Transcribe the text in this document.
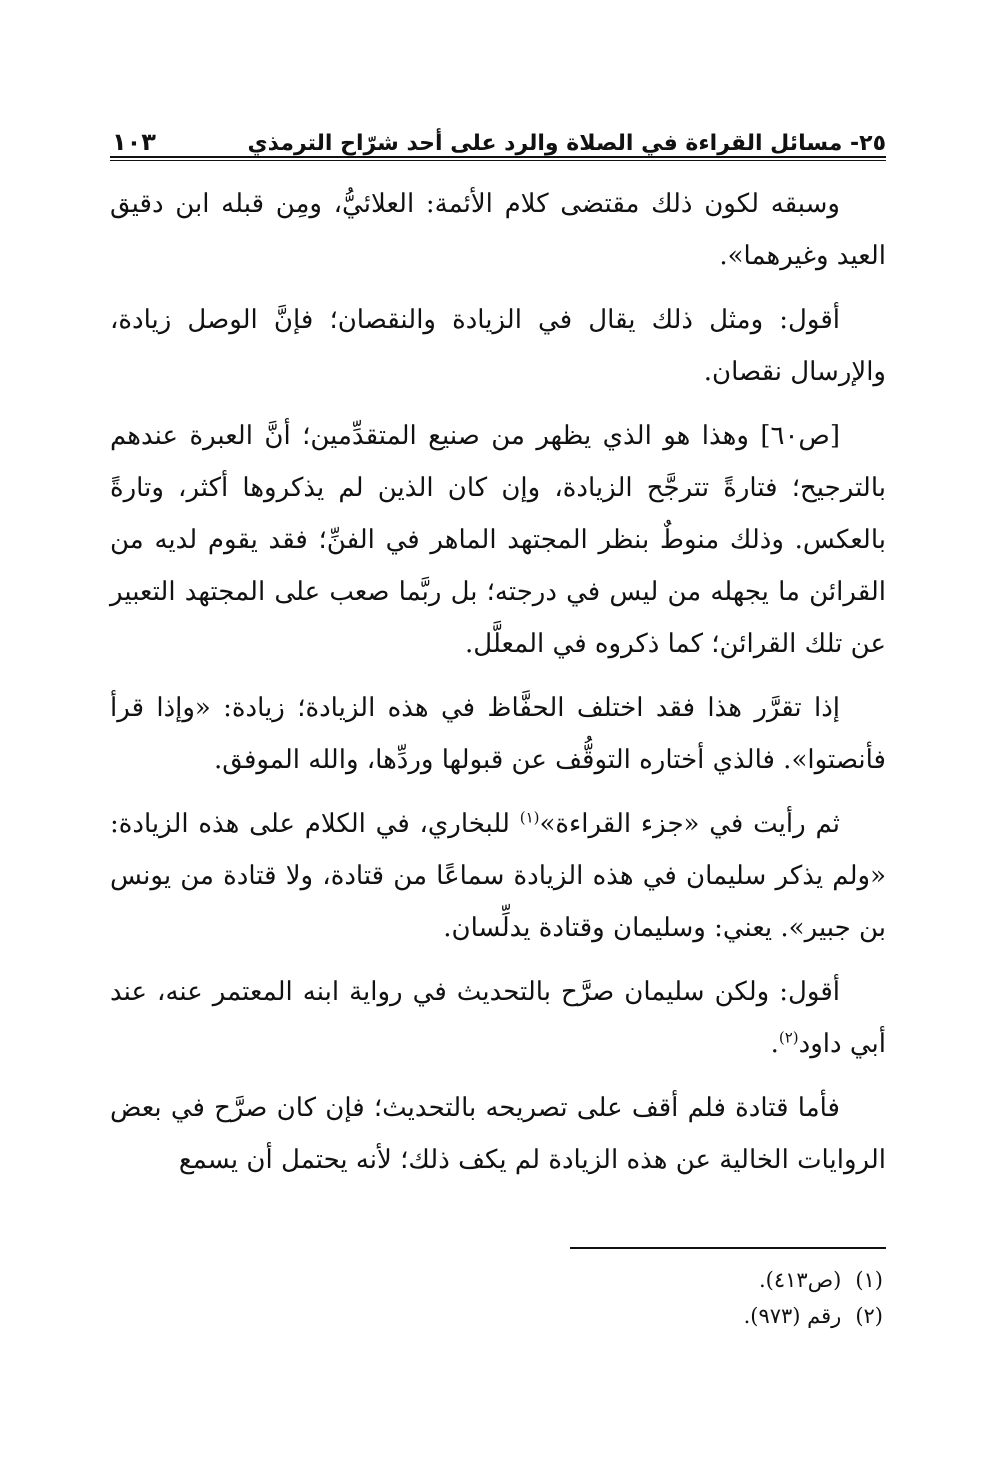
٢٥- مسائل القراءة في الصلاة والرد على أحد شرّاح الترمذي
١٠٣

وسبقه لكون ذلك مقتضى كلام الأئمة: العلائيُّ، ومِن قبله ابن دقيق العيد وغيرهما».

أقول: ومثل ذلك يقال في الزيادة والنقصان؛ فإنَّ الوصل زيادة، والإرسال نقصان.

[ص٦٠] وهذا هو الذي يظهر من صنيع المتقدِّمين؛ أنَّ العبرة عندهم بالترجيح؛ فتارةً تترجَّح الزيادة، وإن كان الذين لم يذكروها أكثر، وتارةً بالعكس. وذلك منوطٌ بنظر المجتهد الماهر في الفنِّ؛ فقد يقوم لديه من القرائن ما يجهله من ليس في درجته؛ بل ربَّما صعب على المجتهد التعبير عن تلك القرائن؛ كما ذكروه في المعلَّل.

إذا تقرَّر هذا فقد اختلف الحفَّاظ في هذه الزيادة؛ زيادة: «وإذا قرأ فأنصتوا». فالذي أختاره التوقُّف عن قبولها وردِّها، والله الموفق.

ثم رأيت في «جزء القراءة»$^{(١)}$ للبخاري، في الكلام على هذه الزيادة: «ولم يذكر سليمان في هذه الزيادة سماعًا من قتادة، ولا قتادة من يونس بن جبير». يعني: وسليمان وقتادة يدلِّسان.

أقول: ولكن سليمان صرَّح بالتحديث في رواية ابنه المعتمر عنه، عند أبي داود$^{(٢)}$.

فأما قتادة فلم أقف على تصريحه بالتحديث؛ فإن كان صرَّح في بعض الروايات الخالية عن هذه الزيادة لم يكف ذلك؛ لأنه يحتمل أن يسمع

(١)
(ص٤١٣).
(٢)
رقم (٩٧٣).
